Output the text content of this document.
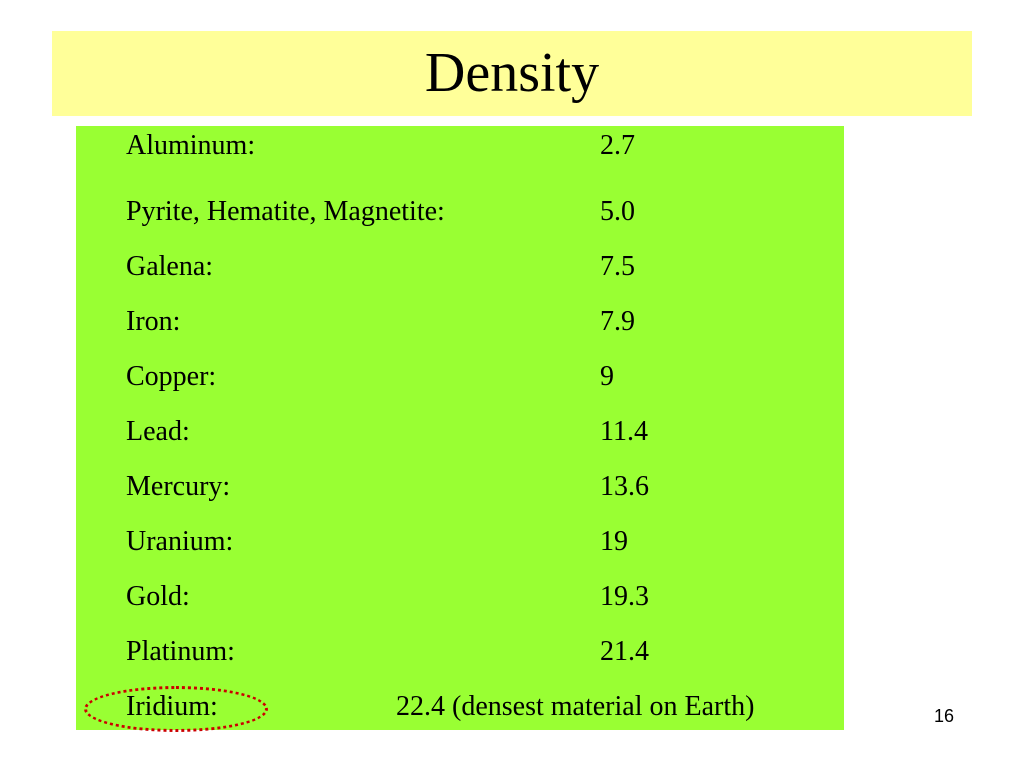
Density
Aluminum:	2.7
Pyrite, Hematite, Magnetite:	5.0
Galena:	7.5
Iron:	7.9
Copper:	9
Lead:	11.4
Mercury:	13.6
Uranium:	19
Gold:	19.3
Platinum:	21.4
Iridium:	22.4 (densest material on Earth)	16
